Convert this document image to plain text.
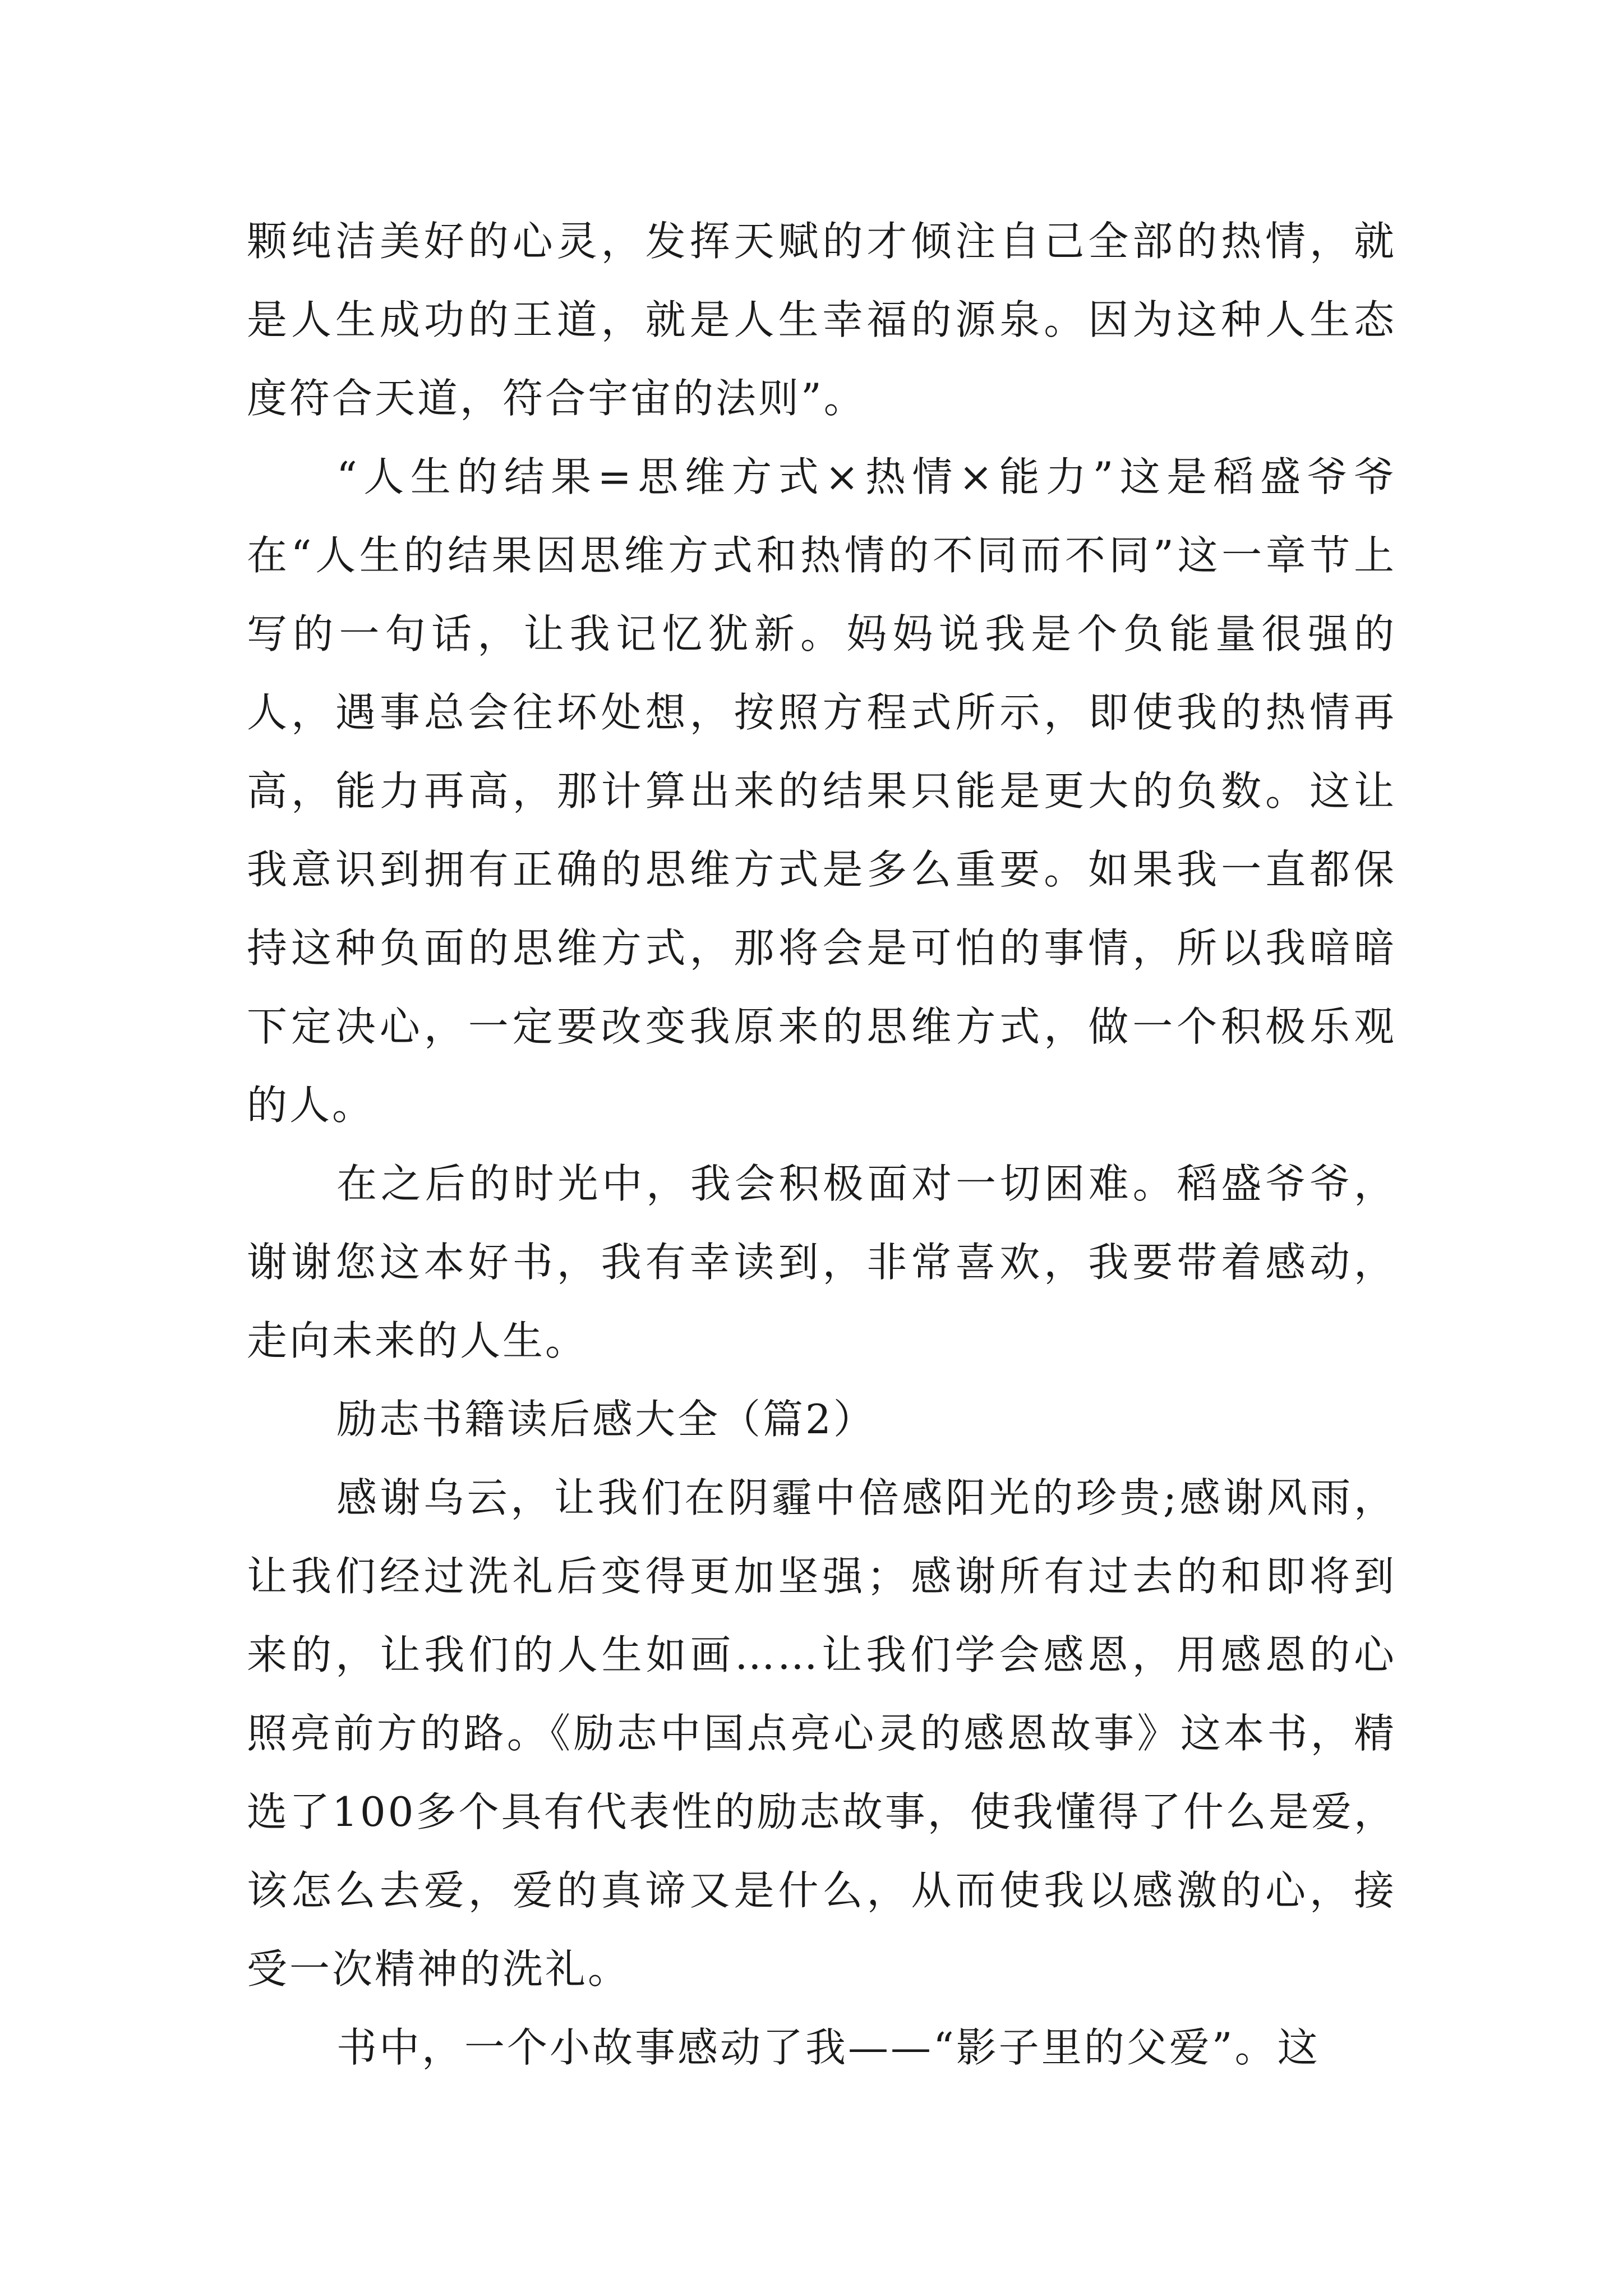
颗纯洁美好的心灵，发挥天赋的才倾注自己全部的热情，就是人生成功的王道，就是人生幸福的源泉。因为这种人生态度符合天道，符合宇宙的法则”。

“人生的结果=思维方式×热情×能力”这是稻盛爷爷在“人生的结果因思维方式和热情的不同而不同”这一章节上写的一句话，让我记忆犹新。妈妈说我是个负能量很强的人，遇事总会往坏处想，按照方程式所示，即使我的热情再高，能力再高，那计算出来的结果只能是更大的负数。这让我意识到拥有正确的思维方式是多么重要。如果我一直都保持这种负面的思维方式，那将会是可怕的事情，所以我暗暗下定决心，一定要改变我原来的思维方式，做一个积极乐观的人。

在之后的时光中，我会积极面对一切困难。稻盛爷爷，谢谢您这本好书，我有幸读到，非常喜欢，我要带着感动，走向未来的人生。

励志书籍读后感大全（篇2）

感谢乌云，让我们在阴霾中倍感阳光的珍贵;感谢风雨，让我们经过洗礼后变得更加坚强；感谢所有过去的和即将到来的，让我们的人生如画……让我们学会感恩，用感恩的心照亮前方的路。《励志中国点亮心灵的感恩故事》这本书，精选了100多个具有代表性的励志故事，使我懂得了什么是爱，该怎么去爱，爱的真谛又是什么，从而使我以感激的心，接受一次精神的洗礼。

书中，一个小故事感动了我——“影子里的父爱”。这
